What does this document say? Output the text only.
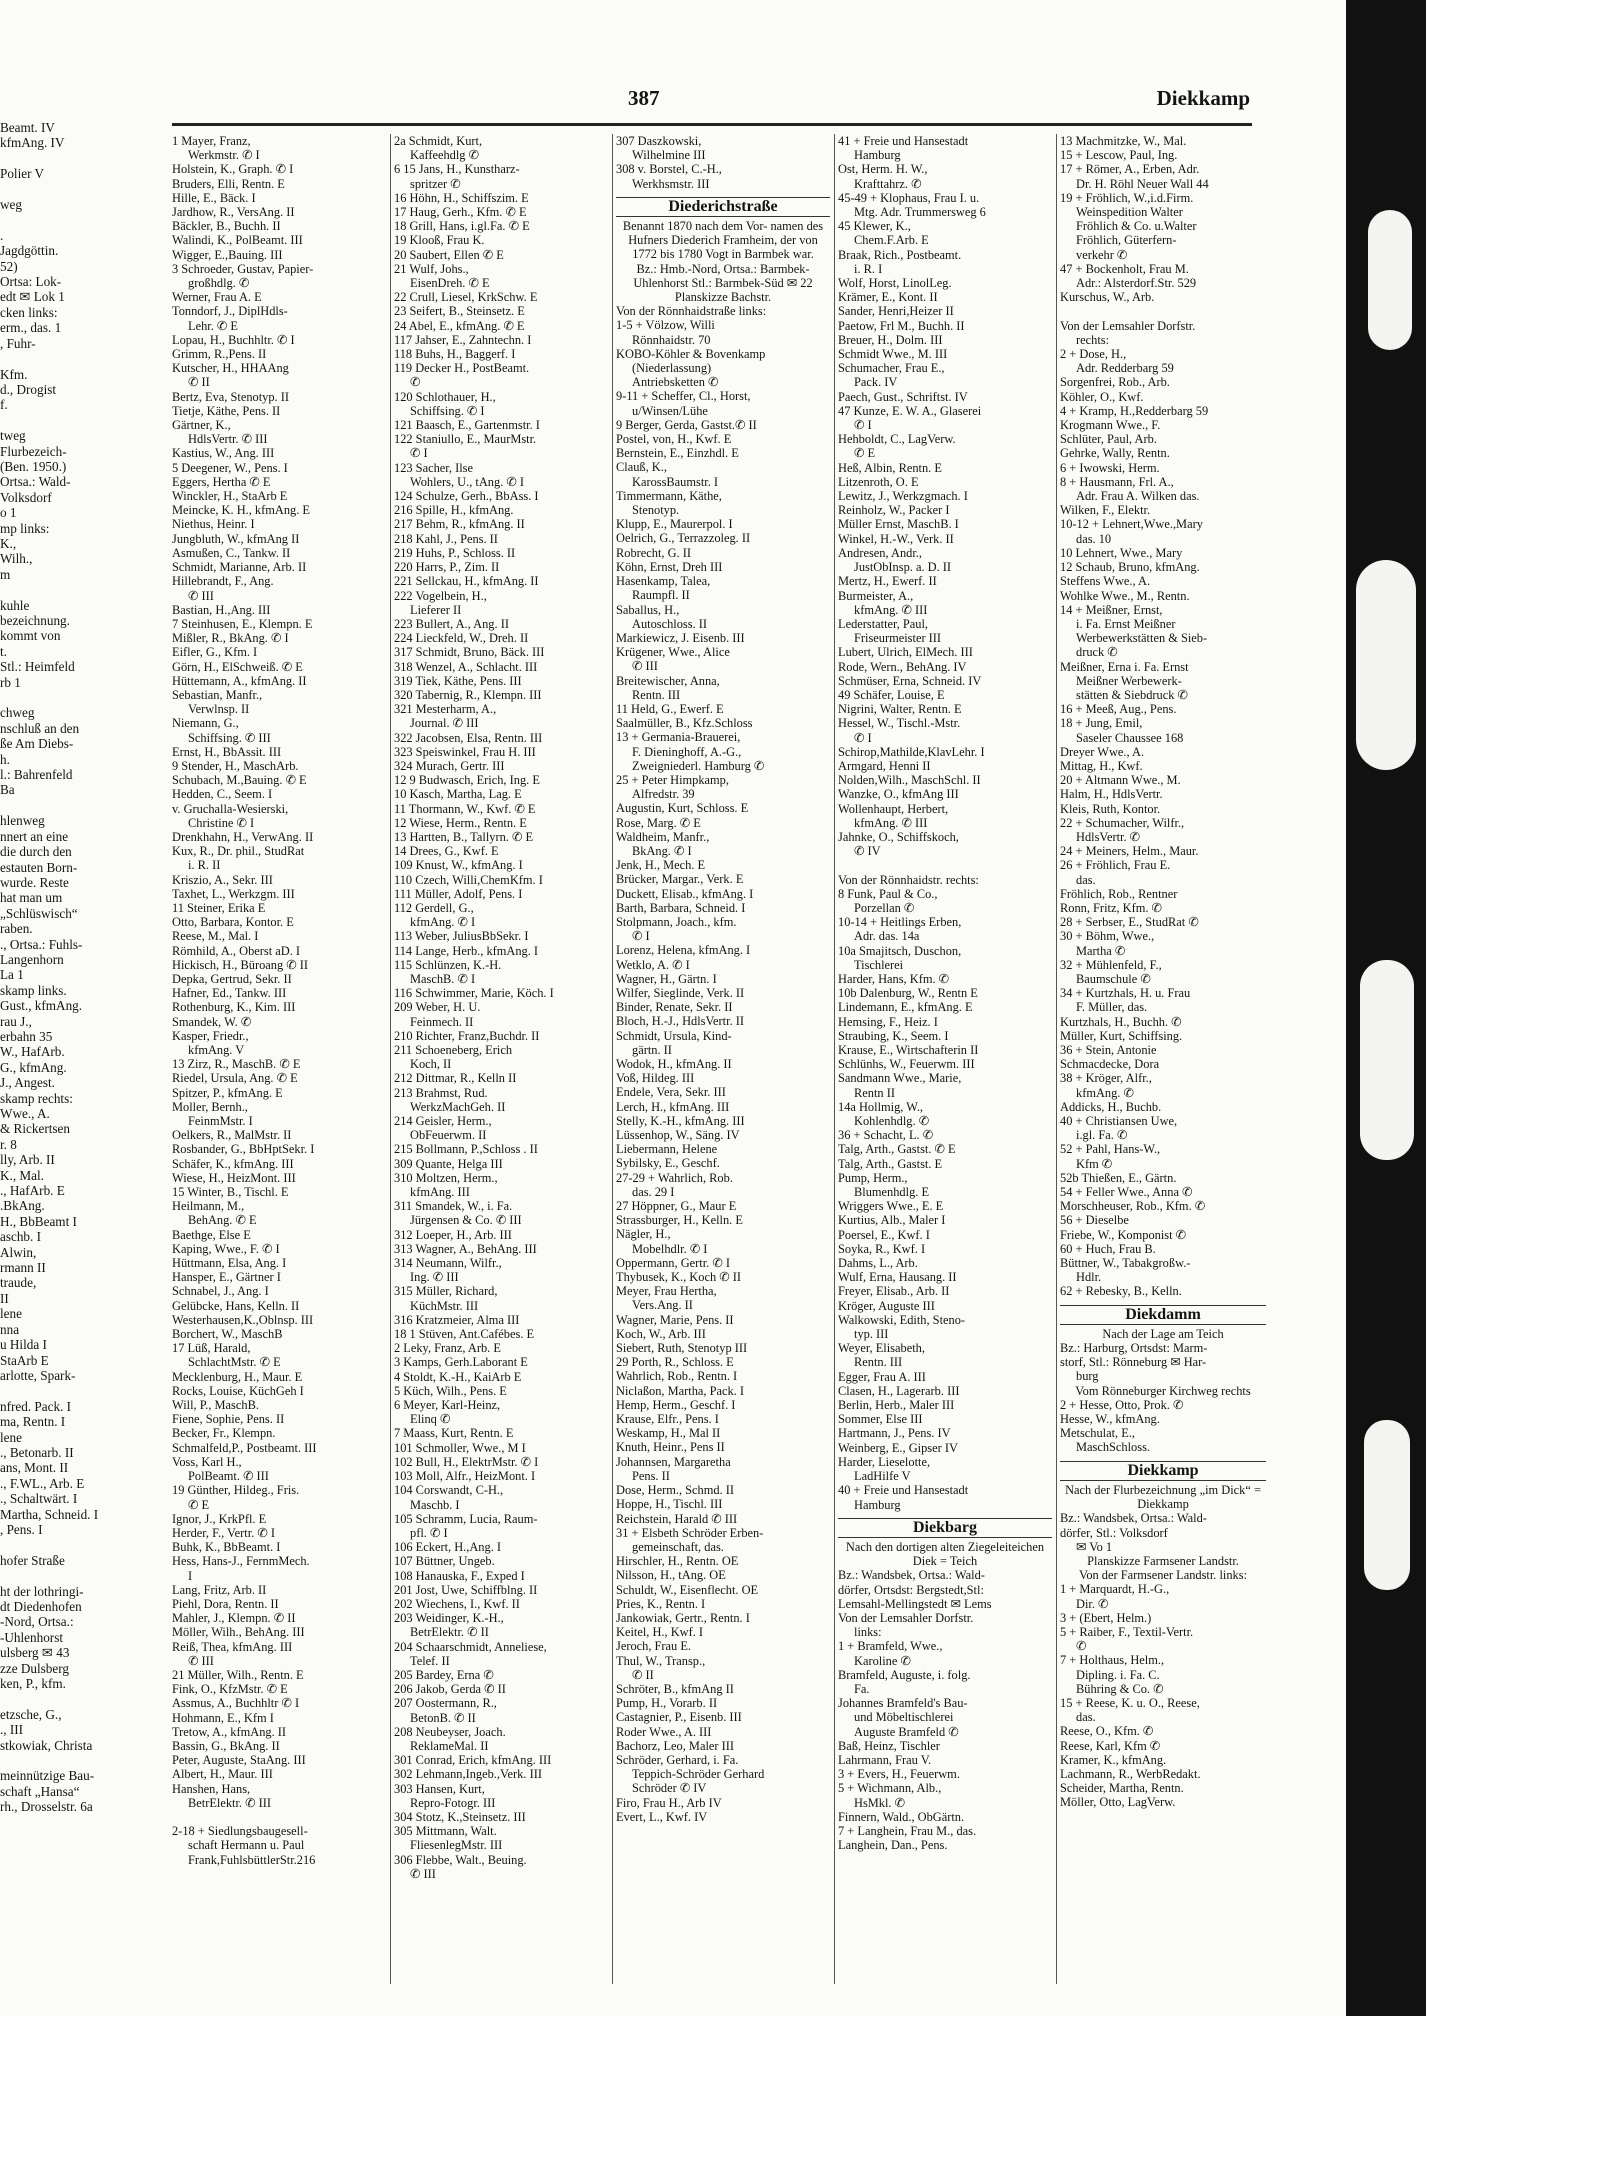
Beamt. IV
kfmAng. IV

Polier V

weg

.
Jagdgöttin.
52)
Ortsa: Lok-
edt ✉ Lok 1
cken links:
erm., das. 1
, Fuhr-

Kfm.
d., Drogist
f.

tweg
Flurbezeich-
(Ben. 1950.)
Ortsa.: Wald-
Volksdorf
o 1
mp links:
K.,
Wilh.,
m

kuhle
bezeichnung.
kommt von
t.
Stl.: Heimfeld
rb 1

chweg
nschluß an den
ße Am Diebs-
h.
l.: Bahrenfeld
Ba

hlenweg
nnert an eine
die durch den
estauten Born-
wurde. Reste
hat man um
„Schlüswisch“
raben.
., Ortsa.: Fuhls-
Langenhorn
La 1
skamp links.
Gust., kfmAng.
rau J.,
erbahn 35
W., HafArb.
G., kfmAng.
J., Angest.
skamp rechts:
Wwe., A.
& Rickertsen
r. 8
lly, Arb. II
K., Mal.
., HafArb. E
.BkAng.
H., BbBeamt I
aschb. I
Alwin,
rmann II
traude,
II
lene
nna
u Hilda I
StaArb E
arlotte, Spark-

nfred. Pack. I
ma, Rentn. I
lene
., Betonarb. II
ans, Mont. II
., F.WL., Arb. E
., Schaltwärt. I
Martha, Schneid. I
, Pens. I

hofer Straße

ht der lothringi-
dt Diedenhofen
-Nord, Ortsa.:
-Uhlenhorst
ulsberg ✉ 43
zze Dulsberg
ken, P., kfm.

etzsche, G.,
., III
stkowiak, Christa

meinnützige Bau-
schaft „Hansa“
rh., Drosselstr. 6a
387	Diekkamp
1 Mayer, Franz,
Werkmstr. ✆ I
Holstein, K., Graph. ✆ I
Bruders, Elli, Rentn. E
Hille, E., Bäck. I
Jardhow, R., VersAng. II
Bäckler, B., Buchh. II
Walindi, K., PolBeamt. III
Wigger, E.,Bauing. III
3 Schroeder, Gustav, Papier-
großhdlg. ✆
Werner, Frau A. E
Tonndorf, J., DiplHdls-
Lehr. ✆ E
Lopau, H., Buchhltr. ✆ I
Grimm, R.,Pens. II
Kutscher, H., HHAAng
✆ II
Bertz, Eva, Stenotyp. II
Tietje, Käthe, Pens. II
Gärtner, K.,
HdlsVertr. ✆ III
Kastius, W., Ang. III
5 Deegener, W., Pens. I
Eggers, Hertha ✆ E
Winckler, H., StaArb E
Meincke, K. H., kfmAng. E
Niethus, Heinr. I
Jungbluth, W., kfmAng II
Asmußen, C., Tankw. II
Schmidt, Marianne, Arb. II
Hillebrandt, F., Ang.
✆ III
Bastian, H.,Ang. III
7 Steinhusen, E., Klempn. E
Mißler, R., BkAng. ✆ I
Eifler, G., Kfm. I
Görn, H., ElSchweiß. ✆ E
Hüttemann, A., kfmAng. II
Sebastian, Manfr.,
Verwlnsp. II
Niemann, G.,
Schiffsing. ✆ III
Ernst, H., BbAssit. III
9 Stender, H., MaschArb.
Schubach, M.,Bauing. ✆ E
Hedden, C., Seem. I
v. Gruchalla-Wesierski,
Christine ✆ I
Drenkhahn, H., VerwAng. II
Kux, R., Dr. phil., StudRat
i. R. II
Kriszio, A., Sekr. III
Taxhet, L., Werkzgm. III
11 Steiner, Erika E
Otto, Barbara, Kontor. E
Reese, M., Mal. I
Römhild, A., Oberst aD. I
Hickisch, H., Büroang ✆ II
Depka, Gertrud, Sekr. II
Hafner, Ed., Tankw. III
Rothenburg, K., Kim. III
Smandek, W. ✆
Kasper, Friedr.,
kfmAng. V
13 Zirz, R., MaschB. ✆ E
Riedel, Ursula, Ang. ✆ E
Spitzer, P., kfmAng. E
Moller, Bernh.,
FeinmMstr. I
Oelkers, R., MalMstr. II
Rosbander, G., BbHptSekr. I
Schäfer, K., kfmAng. III
Wiese, H., HeizMont. III
15 Winter, B., Tischl. E
Heilmann, M.,
BehAng. ✆ E
Baethge, Else E
Kaping, Wwe., F. ✆ I
Hüttmann, Elsa, Ang. I
Hansper, E., Gärtner I
Schnabel, J., Ang. I
Gelübcke, Hans, Kelln. II
Westerhausen,K.,Oblnsp. III
Borchert, W., MaschB
17 Lüß, Harald,
SchlachtMstr. ✆ E
Mecklenburg, H., Maur. E
Rocks, Louise, KüchGeh I
Will, P., MaschB.
Fiene, Sophie, Pens. II
Becker, Fr., Klempn.
Schmalfeld,P., Postbeamt. III
Voss, Karl H.,
PolBeamt. ✆ III
19 Günther, Hildeg., Fris.
✆ E
Ignor, J., KrkPfl. E
Herder, F., Vertr. ✆ I
Buhk, K., BbBeamt. I
Hess, Hans-J., FernmMech.
I
Lang, Fritz, Arb. II
Piehl, Dora, Rentn. II
Mahler, J., Klempn. ✆ II
Möller, Wilh., BehAng. III
Reiß, Thea, kfmAng. III
✆ III
21 Müller, Wilh., Rentn. E
Fink, O., KfzMstr. ✆ E
Assmus, A., Buchhltr ✆ I
Hohmann, E., Kfm I
Tretow, A., kfmAng. II
Bassin, G., BkAng. II
Peter, Auguste, StaAng. III
Albert, H., Maur. III
Hanshen, Hans,
BetrElektr. ✆ III

2-18 + Siedlungsbaugesell-
schaft Hermann u. Paul
Frank,FuhlsbüttlerStr.216
2a Schmidt, Kurt,
Kaffeehdlg ✆
6 15 Jans, H., Kunstharz-
spritzer ✆
16 Höhn, H., Schiffszim. E
17 Haug, Gerh., Kfm. ✆ E
18 Grill, Hans, i.gl.Fa. ✆ E
19 Klooß, Frau K.
20 Saubert, Ellen ✆ E
21 Wulf, Johs.,
EisenDreh. ✆ E
22 Crull, Liesel, KrkSchw. E
23 Seifert, B., Steinsetz. E
24 Abel, E., kfmAng. ✆ E
117 Jahser, E., Zahntechn. I
118 Buhs, H., Baggerf. I
119 Decker H., PostBeamt.
✆
120 Schlothauer, H.,
Schiffsing. ✆ I
121 Baasch, E., Gartenmstr. I
122 Staniullo, E., MaurMstr.
✆ I
123 Sacher, Ilse
Wohlers, U., tAng. ✆ I
124 Schulze, Gerh., BbAss. I
216 Spille, H., kfmAng.
217 Behm, R., kfmAng. II
218 Kahl, J., Pens. II
219 Huhs, P., Schloss. II
220 Harrs, P., Zim. II
221 Sellckau, H., kfmAng. II
222 Vogelbein, H.,
Lieferer II
223 Bullert, A., Ang. II
224 Lieckfeld, W., Dreh. II
317 Schmidt, Bruno, Bäck. III
318 Wenzel, A., Schlacht. III
319 Tiek, Käthe, Pens. III
320 Tabernig, R., Klempn. III
321 Mesterharm, A.,
Journal. ✆ III
322 Jacobsen, Elsa, Rentn. III
323 Speiswinkel, Frau H. III
324 Murach, Gertr. III
12 9 Budwasch, Erich, Ing. E
10 Kasch, Martha, Lag. E
11 Thormann, W., Kwf. ✆ E
12 Wiese, Herm., Rentn. E
13 Hartten, B., Tallyrn. ✆ E
14 Drees, G., Kwf. E
109 Knust, W., kfmAng. I
110 Czech, Willi,ChemKfm. I
111 Müller, Adolf, Pens. I
112 Gerdell, G.,
kfmAng. ✆ I
113 Weber, JuliusBbSekr. I
114 Lange, Herb., kfmAng. I
115 Schlünzen, K.-H.
MaschB. ✆ I
116 Schwimmer, Marie, Köch. I
209 Weber, H. U.
Feinmech. II
210 Richter, Franz,Buchdr. II
211 Schoeneberg, Erich
Koch, II
212 Dittmar, R., Kelln II
213 Brahmst, Rud.
WerkzMachGeh. II
214 Geisler, Herm.,
ObFeuerwm. II
215 Bollmann, P.,Schloss . II
309 Quante, Helga III
310 Moltzen, Herm.,
kfmAng. III
311 Smandek, W., i. Fa.
Jürgensen & Co. ✆ III
312 Loeper, H., Arb. III
313 Wagner, A., BehAng. III
314 Neumann, Wilfr.,
Ing. ✆ III
315 Müller, Richard,
KüchMstr. III
316 Kratzmeier, Alma III
18 1 Stüven, Ant.Cafébes. E
2 Leky, Franz, Arb. E
3 Kamps, Gerh.Laborant E
4 Stoldt, K.-H., KaiArb E
5 Küch, Wilh., Pens. E
6 Meyer, Karl-Heinz,
Elinq ✆
7 Maass, Kurt, Rentn. E
101 Schmoller, Wwe., M I
102 Bull, H., ElektrMstr. ✆ I
103 Moll, Alfr., HeizMont. I
104 Corswandt, C-H.,
Maschb. I
105 Schramm, Lucia, Raum-
pfl. ✆ I
106 Eckert, H.,Ang. I
107 Büttner, Ungeb.
108 Hanauska, F., Exped I
201 Jost, Uwe, Schiffblng. II
202 Wiechens, I., Kwf. II
203 Weidinger, K.-H.,
BetrElektr. ✆ II
204 Schaarschmidt, Anneliese,
Telef. II
205 Bardey, Erna ✆
206 Jakob, Gerda ✆ II
207 Oostermann, R.,
BetonB. ✆ II
208 Neubeyser, Joach.
ReklameMal. II
301 Conrad, Erich, kfmAng. III
302 Lehmann,Ingeb.,Verk. III
303 Hansen, Kurt,
Repro-Fotogr. III
304 Stotz, K.,Steinsetz. III
305 Mittmann, Walt.
FliesenlegMstr. III
306 Flebbe, Walt., Beuing.
✆ III
307 Daszkowski,
Wilhelmine III
308 v. Borstel, C.-H.,
Werkhsmstr. III
Diederichstraße
Benannt 1870 nach dem Vor- namen des Hufners Diederich Framheim, der von 1772 bis 1780 Vogt in Barmbek war.
Bz.: Hmb.-Nord, Ortsa.: Barmbek-Uhlenhorst Stl.: Barmbek-Süd ✉ 22
Planskizze Bachstr.
Von der Rönnhaidstraße links:
1-5 + Völzow, Willi
Rönnhaidstr. 70
KOBO-Köhler & Bovenkamp
(Niederlassung)
Antriebsketten ✆
9-11 + Scheffer, Cl., Horst,
u/Winsen/Lühe
9 Berger, Gerda, Gastst.✆ II
Postel, von, H., Kwf. E
Bernstein, E., Einzhdl. E
Clauß, K.,
KarossBaumstr. I
Timmermann, Käthe,
Stenotyp.
Klupp, E., Maurerpol. I
Oelrich, G., Terrazzoleg. II
Robrecht, G. II
Köhn, Ernst, Dreh III
Hasenkamp, Talea,
Raumpfl. II
Saballus, H.,
Autoschloss. II
Markiewicz, J. Eisenb. III
Krügener, Wwe., Alice
✆ III
Breitewischer, Anna,
Rentn. III
11 Held, G., Ewerf. E
Saalmüller, B., Kfz.Schloss
13 + Germania-Brauerei,
F. Dieninghoff, A.-G.,
Zweigniederl. Hamburg ✆
25 + Peter Himpkamp,
Alfredstr. 39
Augustin, Kurt, Schloss. E
Rose, Marg. ✆ E
Waldheim, Manfr.,
BkAng. ✆ I
Jenk, H., Mech. E
Brücker, Margar., Verk. E
Duckett, Elisab., kfmAng. I
Barth, Barbara, Schneid. I
Stolpmann, Joach., kfm.
✆ I
Lorenz, Helena, kfmAng. I
Wetklo, A. ✆ I
Wagner, H., Gärtn. I
Wilfer, Sieglinde, Verk. II
Binder, Renate, Sekr. II
Bloch, H.-J., HdlsVertr. II
Schmidt, Ursula, Kind-
gärtn. II
Wodok, H., kfmAng. II
Voß, Hildeg. III
Endele, Vera, Sekr. III
Lerch, H., kfmAng. III
Stelly, K.-H., kfmAng. III
Lüssenhop, W., Säng. IV
Liebermann, Helene
Sybilsky, E., Geschf.
27-29 + Wahrlich, Rob.
das. 29 I
27 Höppner, G., Maur E
Strassburger, H., Kelln. E
Nägler, H.,
Mobelhdlr. ✆ I
Oppermann, Gertr. ✆ I
Thybusek, K., Koch ✆ II
Meyer, Frau Hertha,
Vers.Ang. II
Wagner, Marie, Pens. II
Koch, W., Arb. III
Siebert, Ruth, Stenotyp III
29 Porth, R., Schloss. E
Wahrlich, Rob., Rentn. I
Niclaßon, Martha, Pack. I
Hemp, Herm., Geschf. I
Krause, Elfr., Pens. I
Weskamp, H., Mal II
Knuth, Heinr., Pens II
Johannsen, Margaretha
Pens. II
Dose, Herm., Schmd. II
Hoppe, H., Tischl. III
Reichstein, Harald ✆ III
31 + Elsbeth Schröder Erben-
gemeinschaft, das.
Hirschler, H., Rentn. OE
Nilsson, H., tAng. OE
Schuldt, W., Eisenflecht. OE
Pries, K., Rentn. I
Jankowiak, Gertr., Rentn. I
Keitel, H., Kwf. I
Jeroch, Frau E.
Thul, W., Transp.,
✆ II
Schröter, B., kfmAng II
Pump, H., Vorarb. II
Castagnier, P., Eisenb. III
Roder Wwe., A. III
Bachorz, Leo, Maler III
Schröder, Gerhard, i. Fa.
Teppich-Schröder Gerhard
Schröder ✆ IV
Firo, Frau H., Arb IV
Evert, L., Kwf. IV
41 + Freie und Hansestadt
Hamburg
Ost, Herm. H. W.,
Krafttahrz. ✆
45-49 + Klophaus, Frau I. u.
Mtg. Adr. Trummersweg 6
45 Klewer, K.,
Chem.F.Arb. E
Braak, Rich., Postbeamt.
i. R. I
Wolf, Horst, LinolLeg.
Krämer, E., Kont. II
Sander, Henri,Heizer II
Paetow, Frl M., Buchh. II
Breuer, H., Dolm. III
Schmidt Wwe., M. III
Schumacher, Frau E.,
Pack. IV
Paech, Gust., Schriftst. IV
47 Kunze, E. W. A., Glaserei
✆ I
Hehboldt, C., LagVerw.
✆ E
Heß, Albin, Rentn. E
Litzenroth, O. E
Lewitz, J., Werkzgmach. I
Reinholz, W., Packer I
Müller Ernst, MaschB. I
Winkel, H.-W., Verk. II
Andresen, Andr.,
JustObInsp. a. D. II
Mertz, H., Ewerf. II
Burmeister, A.,
kfmAng. ✆ III
Lederstatter, Paul,
Friseurmeister III
Lubert, Ulrich, ElMech. III
Rode, Wern., BehAng. IV
Schmüser, Erna, Schneid. IV
49 Schäfer, Louise, E
Nigrini, Walter, Rentn. E
Hessel, W., Tischl.-Mstr.
✆ I
Schirop,Mathilde,KlavLehr. I
Armgard, Henni II
Nolden,Wilh., MaschSchl. II
Wanzke, O., kfmAng III
Wollenhaupt, Herbert,
kfmAng. ✆ III
Jahnke, O., Schiffskoch,
✆ IV

Von der Rönnhaidstr. rechts:
8 Funk, Paul & Co.,
Porzellan ✆
10-14 + Heitlings Erben,
Adr. das. 14a
10a Smajitsch, Duschon,
Tischlerei
Harder, Hans, Kfm. ✆
10b Dalenburg, W., Rentn E
Lindemann, E., kfmAng. E
Hemsing, F., Heiz. I
Straubing, K., Seem. I
Krause, E., Wirtschafterin II
Schlünhs, W., Feuerwm. III
Sandmann Wwe., Marie,
Rentn II
14a Hollmig, W.,
Kohlenhdlg. ✆
36 + Schacht, L. ✆
Talg, Arth., Gastst. ✆ E
Talg, Arth., Gastst. E
Pump, Herm.,
Blumenhdlg. E
Wriggers Wwe., E. E
Kurtius, Alb., Maler I
Poersel, E., Kwf. I
Soyka, R., Kwf. I
Dahms, L., Arb.
Wulf, Erna, Hausang. II
Freyer, Elisab., Arb. II
Kröger, Auguste III
Walkowski, Edith, Steno-
typ. III
Weyer, Elisabeth,
Rentn. III
Egger, Frau A. III
Clasen, H., Lagerarb. III
Berlin, Herb., Maler III
Sommer, Else III
Hartmann, J., Pens. IV
Weinberg, E., Gipser IV
Harder, Lieselotte,
LadHilfe V
40 + Freie und Hansestadt
Hamburg
Diekbarg
Nach den dortigen alten Ziegeleiteichen Diek = Teich
Bz.: Wandsbek, Ortsa.: Wald-
dörfer, Ortsdst: Bergstedt,Stl:
Lemsahl-Mellingstedt ✉ Lems
Von der Lemsahler Dorfstr.
links:
1 + Bramfeld, Wwe.,
Karoline ✆
Bramfeld, Auguste, i. folg.
Fa.
Johannes Bramfeld's Bau-
und Möbeltischlerei
Auguste Bramfeld ✆
Baß, Heinz, Tischler
Lahrmann, Frau V.
3 + Evers, H., Feuerwm.
5 + Wichmann, Alb.,
HsMkl. ✆
Finnern, Wald., ObGärtn.
7 + Langhein, Frau M., das.
Langhein, Dan., Pens.
13 Machmitzke, W., Mal.
15 + Lescow, Paul, Ing.
17 + Römer, A., Erben, Adr.
Dr. H. Röhl Neuer Wall 44
19 + Fröhlich, W.,i.d.Firm.
Weinspedition Walter
Fröhlich & Co. u.Walter
Fröhlich, Güterfern-
verkehr ✆
47 + Bockenholt, Frau M.
Adr.: Alsterdorf.Str. 529
Kurschus, W., Arb.

Von der Lemsahler Dorfstr.
rechts:
2 + Dose, H.,
Adr. Redderbarg 59
Sorgenfrei, Rob., Arb.
Köhler, O., Kwf.
4 + Kramp, H.,Redderbarg 59
Krogmann Wwe., F.
Schlüter, Paul, Arb.
Gehrke, Wally, Rentn.
6 + Iwowski, Herm.
8 + Hausmann, Frl. A.,
Adr. Frau A. Wilken das.
Wilken, F., Elektr.
10-12 + Lehnert,Wwe.,Mary
das. 10
10 Lehnert, Wwe., Mary
12 Schaub, Bruno, kfmAng.
Steffens Wwe., A.
Wohlke Wwe., M., Rentn.
14 + Meißner, Ernst,
i. Fa. Ernst Meißner
Werbewerkstätten & Sieb-
druck ✆
Meißner, Erna i. Fa. Ernst
Meißner Werbewerk-
stätten & Siebdruck ✆
16 + Meeß, Aug., Pens.
18 + Jung, Emil,
Saseler Chaussee 168
Dreyer Wwe., A.
Mittag, H., Kwf.
20 + Altmann Wwe., M.
Halm, H., HdlsVertr.
Kleis, Ruth, Kontor.
22 + Schumacher, Wilfr.,
HdlsVertr. ✆
24 + Meiners, Helm., Maur.
26 + Fröhlich, Frau E.
das.
Fröhlich, Rob., Rentner
Ronn, Fritz, Kfm. ✆
28 + Serbser, E., StudRat ✆
30 + Böhm, Wwe.,
Martha ✆
32 + Mühlenfeld, F.,
Baumschule ✆
34 + Kurtzhals, H. u. Frau
F. Müller, das.
Kurtzhals, H., Buchh. ✆
Müller, Kurt, Schiffsing.
36 + Stein, Antonie
Schmacdecke, Dora
38 + Kröger, Alfr.,
kfmAng. ✆
Addicks, H., Buchb.
40 + Christiansen Uwe,
i.gl. Fa. ✆
52 + Pahl, Hans-W.,
Kfm ✆
52b Thießen, E., Gärtn.
54 + Feller Wwe., Anna ✆
Morschheuser, Rob., Kfm. ✆
56 + Dieselbe
Friebe, W., Komponist ✆
60 + Huch, Frau B.
Büttner, W., Tabakgroßw.-
Hdlr.
62 + Rebesky, B., Kelln.
Diekdamm
Nach der Lage am Teich
Bz.: Harburg, Ortsdst: Marm-
storf, Stl.: Rönneburg ✉ Har-
burg
Vom Rönneburger Kirchweg rechts
2 + Hesse, Otto, Prok. ✆
Hesse, W., kfmAng.
Metschulat, E.,
MaschSchloss.
Diekkamp
Nach der Flurbezeichnung „im Dick“ = Diekkamp
Bz.: Wandsbek, Ortsa.: Wald-
dörfer, Stl.: Volksdorf
✉ Vo 1
Planskizze Farmsener Landstr.
Von der Farmsener Landstr. links:
1 + Marquardt, H.-G.,
Dir. ✆
3 + (Ebert, Helm.)
5 + Raiber, F., Textil-Vertr.
✆
7 + Holthaus, Helm.,
Dipling. i. Fa. C.
Bühring & Co. ✆
15 + Reese, K. u. O., Reese,
das.
Reese, O., Kfm. ✆
Reese, Karl, Kfm ✆
Kramer, K., kfmAng.
Lachmann, R., WerbRedakt.
Scheider, Martha, Rentn.
Möller, Otto, LagVerw.
